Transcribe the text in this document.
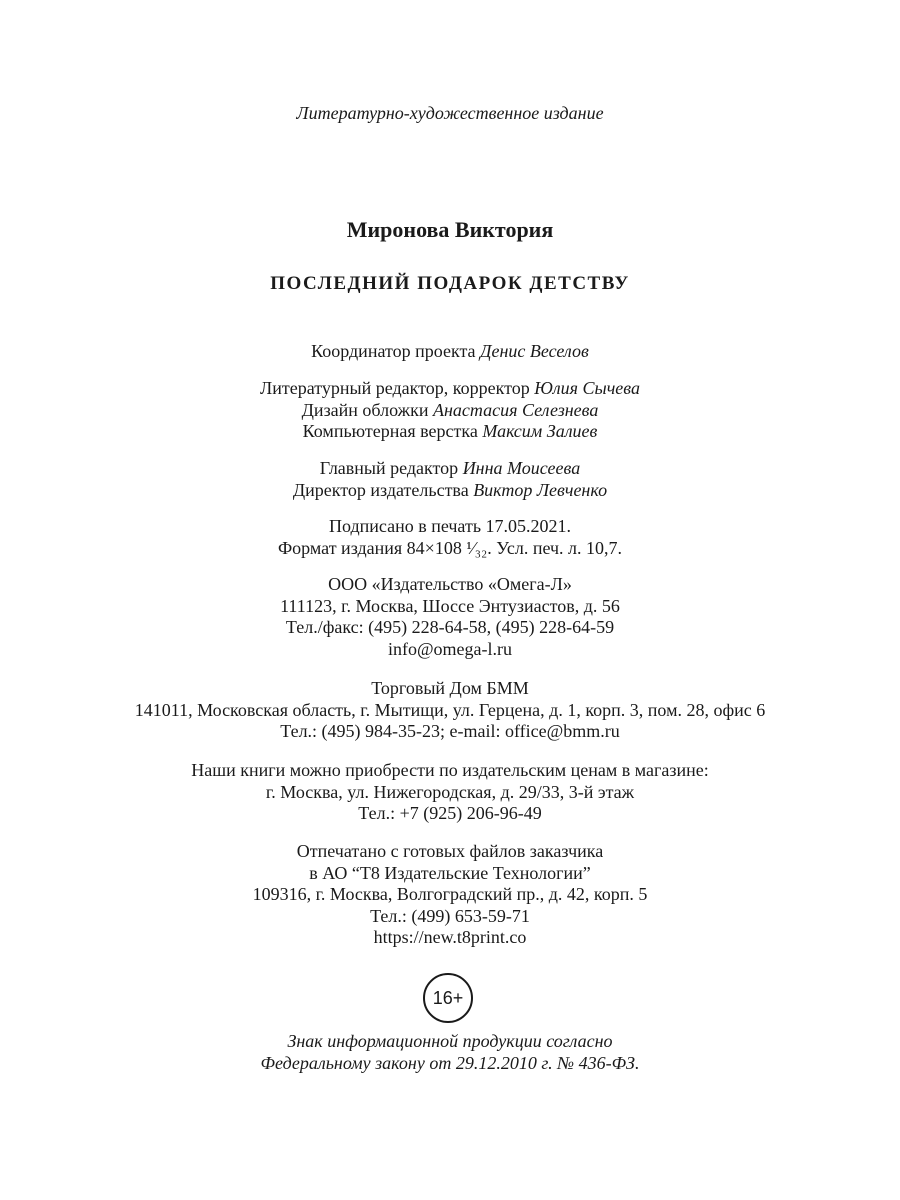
Литературно-художественное издание
Миронова Виктория
ПОСЛЕДНИЙ ПОДАРОК ДЕТСТВУ
Координатор проекта Денис Веселов
Литературный редактор, корректор Юлия Сычева
Дизайн обложки Анастасия Селезнева
Компьютерная верстка Максим Залиев
Главный редактор Инна Моисеева
Директор издательства Виктор Левченко
Подписано в печать 17.05.2021.
Формат издания 84×108 ¹⁄₃₂. Усл. печ. л. 10,7.
ООО «Издательство «Омега-Л»
111123, г. Москва, Шоссе Энтузиастов, д. 56
Тел./факс: (495) 228-64-58, (495) 228-64-59
info@omega-l.ru
Торговый Дом БММ
141011, Московская область, г. Мытищи, ул. Герцена, д. 1, корп. 3, пом. 28, офис 6
Тел.: (495) 984-35-23; e-mail: office@bmm.ru
Наши книги можно приобрести по издательским ценам в магазине:
г. Москва, ул. Нижегородская, д. 29/33, 3-й этаж
Тел.: +7 (925) 206-96-49
Отпечатано с готовых файлов заказчика
в АО “Т8 Издательские Технологии”
109316, г. Москва, Волгоградский пр., д. 42, корп. 5
Тел.: (499) 653-59-71
https://new.t8print.co
16+
Знак информационной продукции согласно
Федеральному закону от 29.12.2010 г. № 436-ФЗ.
